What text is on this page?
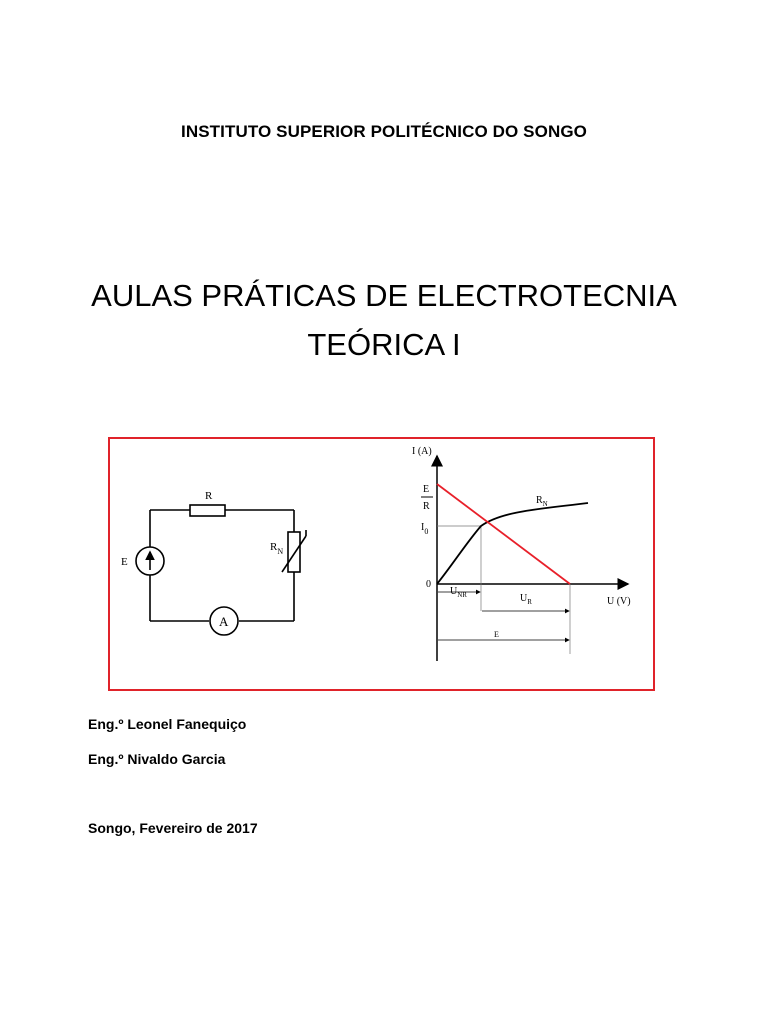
INSTITUTO SUPERIOR POLITÉCNICO DO SONGO
AULAS PRÁTICAS DE ELECTROTECNIA
TEÓRICA I
R
E
$R_N$
A
I (A)
U (V)
E
R
$I_0$
0
$R_N$
$U_{NR}$	$U_R$
E
Eng.º Leonel Fanequiço
Eng.º Nivaldo Garcia
Songo, Fevereiro de 2017
